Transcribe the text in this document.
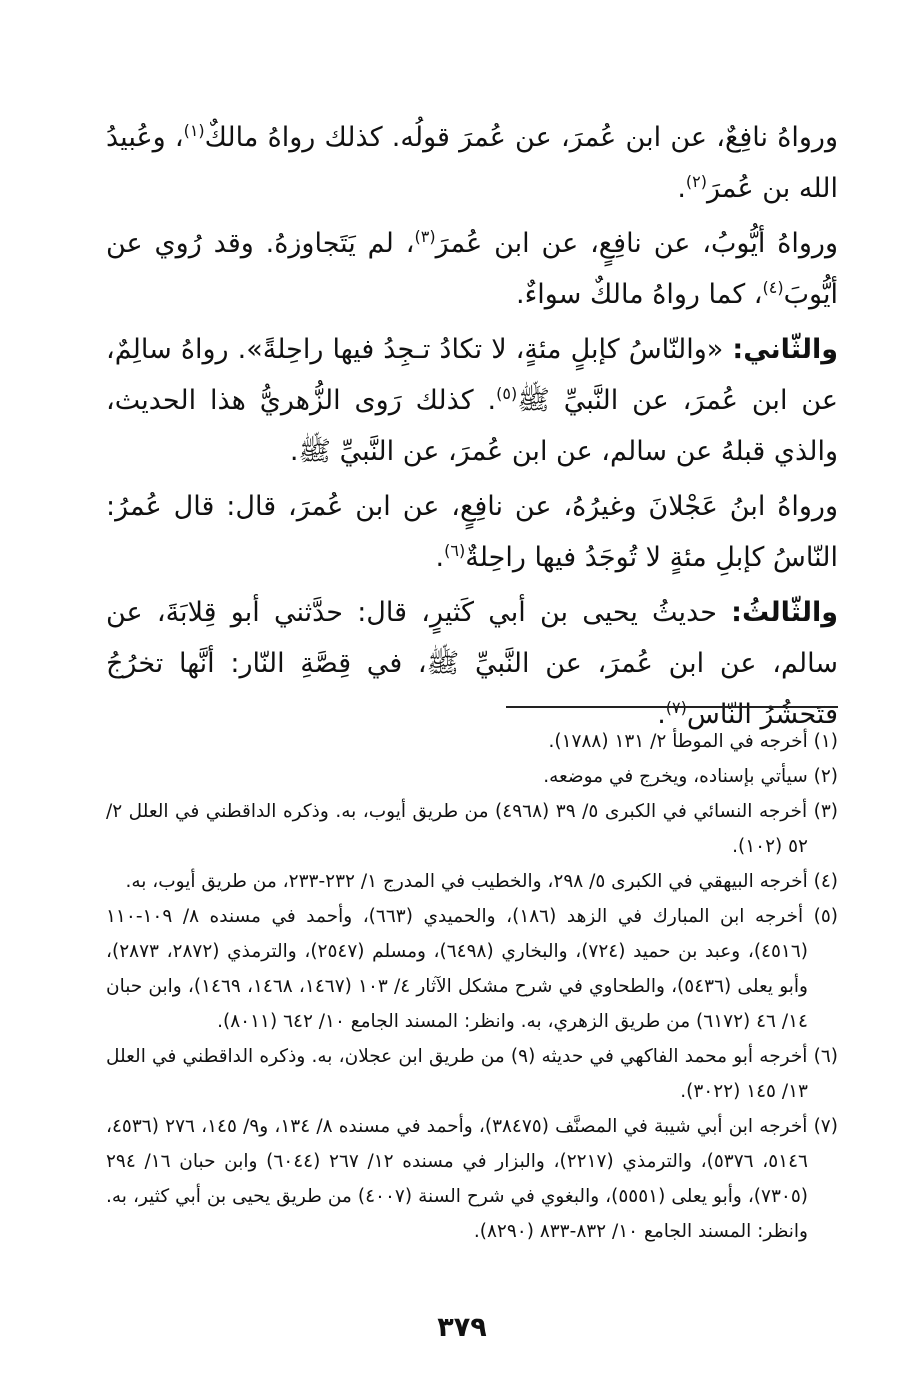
ورواهُ نافِعٌ، عن ابن عُمرَ، عن عُمرَ قولُه. كذلك رواهُ مالكٌ$^{(١)}$، وعُبيدُ الله بن عُمرَ$^{(٢)}$.

ورواهُ أيُّوبُ، عن نافِعٍ، عن ابن عُمرَ$^{(٣)}$، لم يَتَجاوزهُ. وقد رُوي عن أيُّوبَ$^{(٤)}$، كما رواهُ مالكٌ سواءٌ.

والثّاني: «والنّاسُ كإبلٍ مئةٍ، لا تكادُ تـجِدُ فيها راحِلةً». رواهُ سالِمٌ، عن ابن عُمرَ، عن النَّبيِّ ﷺ$^{(٥)}$. كذلك رَوى الزُّهريُّ هذا الحديث، والذي قبلهُ عن سالم، عن ابن عُمرَ، عن النَّبيِّ ﷺ.

ورواهُ ابنُ عَجْلانَ وغيرُهُ، عن نافِعٍ، عن ابن عُمرَ، قال: قال عُمرُ: النّاسُ كإبلِ مئةٍ لا تُوجَدُ فيها راحِلةٌ$^{(٦)}$.

والثّالثُ: حديثُ يحيى بن أبي كَثيرٍ، قال: حدَّثني أبو قِلابَةَ، عن سالم، عن ابن عُمرَ، عن النَّبيِّ ﷺ، في قِصَّةِ النّار: أنَّها تخرُجُ فتَحشُرُ النّاس$^{(٧)}$.

(١) أخرجه في الموطأ ٢/ ١٣١ (١٧٨٨).

(٢) سيأتي بإسناده، ويخرج في موضعه.

(٣) أخرجه النسائي في الكبرى ٥/ ٣٩ (٤٩٦٨) من طريق أيوب، به. وذكره الداقطني في العلل ٢/ ٥٢ (١٠٢).

(٤) أخرجه البيهقي في الكبرى ٥/ ٢٩٨، والخطيب في المدرج ١/ ٢٣٢-٢٣٣، من طريق أيوب، به.

(٥) أخرجه ابن المبارك في الزهد (١٨٦)، والحميدي (٦٦٣)، وأحمد في مسنده ٨/ ١٠٩-١١٠ (٤٥١٦)، وعبد بن حميد (٧٢٤)، والبخاري (٦٤٩٨)، ومسلم (٢٥٤٧)، والترمذي (٢٨٧٢، ٢٨٧٣)، وأبو يعلى (٥٤٣٦)، والطحاوي في شرح مشكل الآثار ٤/ ١٠٣ (١٤٦٧، ١٤٦٨، ١٤٦٩)، وابن حبان ١٤/ ٤٦ (٦١٧٢) من طريق الزهري، به. وانظر: المسند الجامع ١٠/ ٦٤٢ (٨٠١١).

(٦) أخرجه أبو محمد الفاكهي في حديثه (٩) من طريق ابن عجلان، به. وذكره الداقطني في العلل ١٣/ ١٤٥ (٣٠٢٢).

(٧) أخرجه ابن أبي شيبة في المصنَّف (٣٨٤٧٥)، وأحمد في مسنده ٨/ ١٣٤، و٩/ ١٤٥، ٢٧٦ (٤٥٣٦، ٥١٤٦، ٥٣٧٦)، والترمذي (٢٢١٧)، والبزار في مسنده ١٢/ ٢٦٧ (٦٠٤٤) وابن حبان ١٦/ ٢٩٤ (٧٣٠٥)، وأبو يعلى (٥٥٥١)، والبغوي في شرح السنة (٤٠٠٧) من طريق يحيى بن أبي كثير، به. وانظر: المسند الجامع ١٠/ ٨٣٢-٨٣٣ (٨٢٩٠).

٣٧٩
